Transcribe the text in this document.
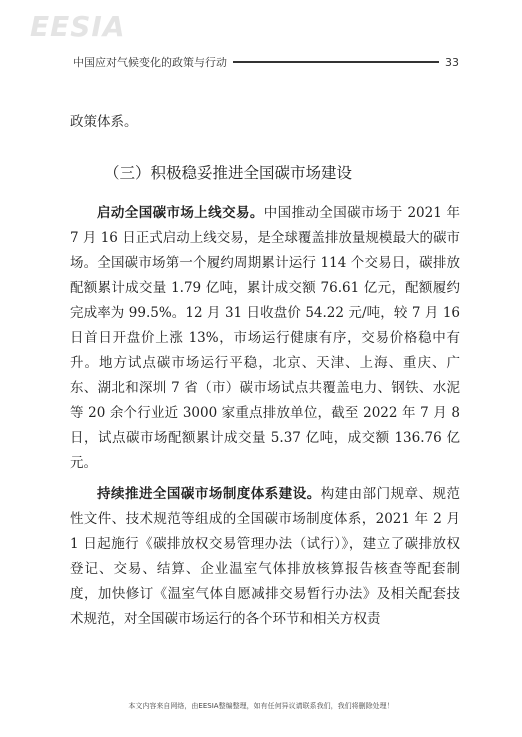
EESIA
中国应对气候变化的政策与行动	33

政策体系。

（三）积极稳妥推进全国碳市场建设

启动全国碳市场上线交易。中国推动全国碳市场于 2021 年 7 月 16 日正式启动上线交易，是全球覆盖排放量规模最大的碳市场。全国碳市场第一个履约周期累计运行 114 个交易日，碳排放配额累计成交量 1.79 亿吨，累计成交额 76.61 亿元，配额履约完成率为 99.5%。12 月 31 日收盘价 54.22 元/吨，较 7 月 16 日首日开盘价上涨 13%，市场运行健康有序，交易价格稳中有升。地方试点碳市场运行平稳，北京、天津、上海、重庆、广东、湖北和深圳 7 省（市）碳市场试点共覆盖电力、钢铁、水泥等 20 余个行业近 3000 家重点排放单位，截至 2022 年 7 月 8 日，试点碳市场配额累计成交量 5.37 亿吨，成交额 136.76 亿元。

持续推进全国碳市场制度体系建设。构建由部门规章、规范性文件、技术规范等组成的全国碳市场制度体系，2021 年 2 月 1 日起施行《碳排放权交易管理办法（试行）》，建立了碳排放权登记、交易、结算、企业温室气体排放核算报告核查等配套制度，加快修订《温室气体自愿减排交易暂行办法》及相关配套技术规范，对全国碳市场运行的各个环节和相关方权责

本文内容来自网络，由EESIA整编整理，如有任何异议请联系我们，我们将删除处理！
